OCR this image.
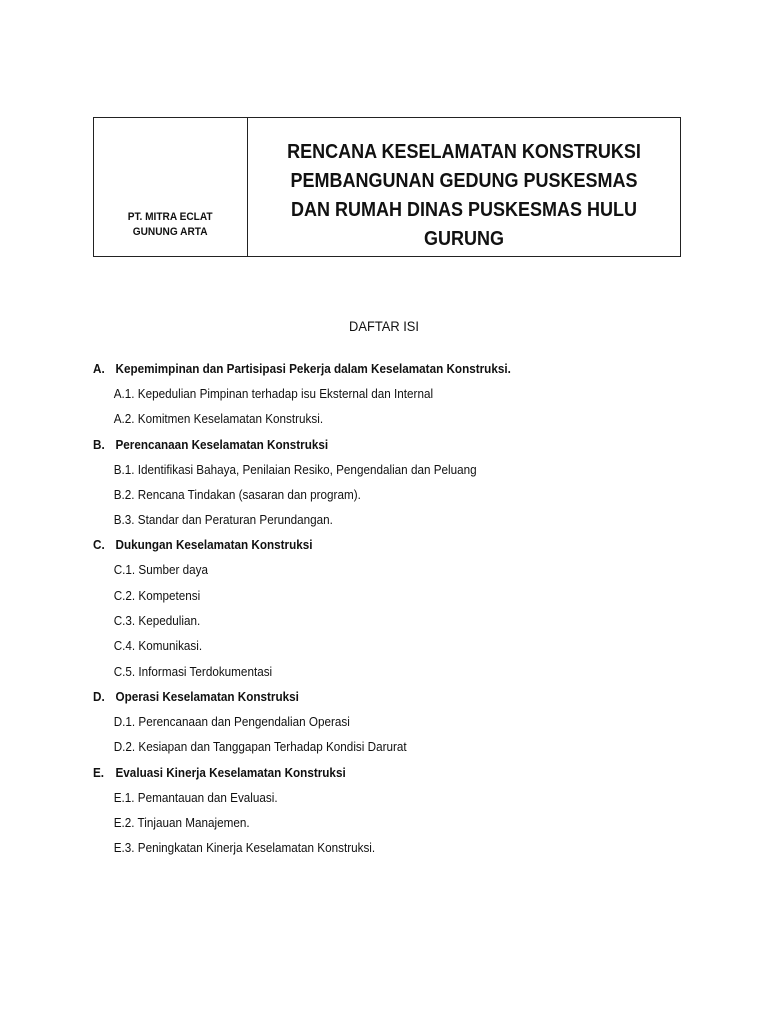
PT. MITRA ECLAT
GUNUNG ARTA
RENCANA KESELAMATAN KONSTRUKSI PEMBANGUNAN GEDUNG PUSKESMAS DAN RUMAH DINAS PUSKESMAS HULU GURUNG
DAFTAR ISI
A. Kepemimpinan dan Partisipasi Pekerja dalam Keselamatan Konstruksi.
A.1. Kepedulian Pimpinan terhadap isu Eksternal dan Internal
A.2. Komitmen Keselamatan Konstruksi.
B. Perencanaan Keselamatan Konstruksi
B.1. Identifikasi Bahaya, Penilaian Resiko, Pengendalian dan Peluang
B.2. Rencana Tindakan (sasaran dan program).
B.3. Standar dan Peraturan Perundangan.
C. Dukungan Keselamatan Konstruksi
C.1. Sumber daya
C.2. Kompetensi
C.3. Kepedulian.
C.4. Komunikasi.
C.5. Informasi Terdokumentasi
D. Operasi Keselamatan Konstruksi
D.1. Perencanaan dan Pengendalian Operasi
D.2. Kesiapan dan Tanggapan Terhadap Kondisi Darurat
E. Evaluasi Kinerja Keselamatan Konstruksi
E.1. Pemantauan dan Evaluasi.
E.2. Tinjauan Manajemen.
E.3. Peningkatan Kinerja Keselamatan Konstruksi.
